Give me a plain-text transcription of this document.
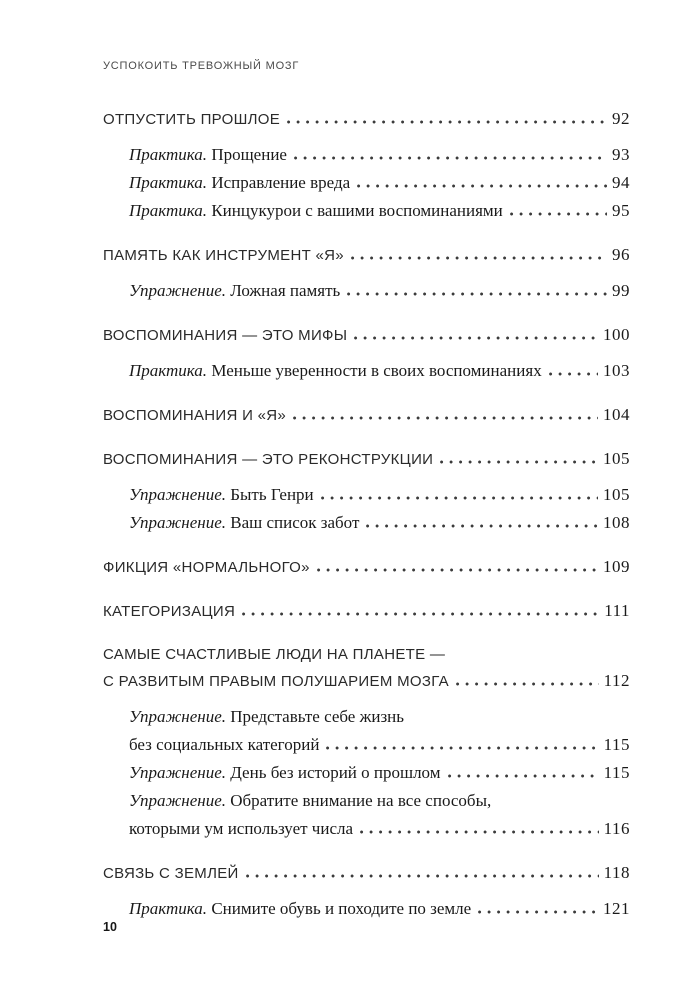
УСПОКОИТЬ ТРЕВОЖНЫЙ МОЗГ
ОТПУСТИТЬ ПРОШЛОЕ	92
Практика. Прощение	93
Практика. Исправление вреда	94
Практика. Кинцукурои с вашими воспоминаниями	95
ПАМЯТЬ КАК ИНСТРУМЕНТ «Я»	96
Упражнение. Ложная память	99
ВОСПОМИНАНИЯ — ЭТО МИФЫ	100
Практика. Меньше уверенности в своих воспоминаниях	103
ВОСПОМИНАНИЯ И «Я»	104
ВОСПОМИНАНИЯ — ЭТО РЕКОНСТРУКЦИИ	105
Упражнение. Быть Генри	105
Упражнение. Ваш список забот	108
ФИКЦИЯ «НОРМАЛЬНОГО»	109
КАТЕГОРИЗАЦИЯ	111
САМЫЕ СЧАСТЛИВЫЕ ЛЮДИ НА ПЛАНЕТЕ —
С РАЗВИТЫМ ПРАВЫМ ПОЛУШАРИЕМ МОЗГА	112
Упражнение. Представьте себе жизнь
без социальных категорий	115
Упражнение. День без историй о прошлом	115
Упражнение. Обратите внимание на все способы,
которыми ум использует числа	116
СВЯЗЬ С ЗЕМЛЕЙ	118
Практика. Снимите обувь и походите по земле	121
10
